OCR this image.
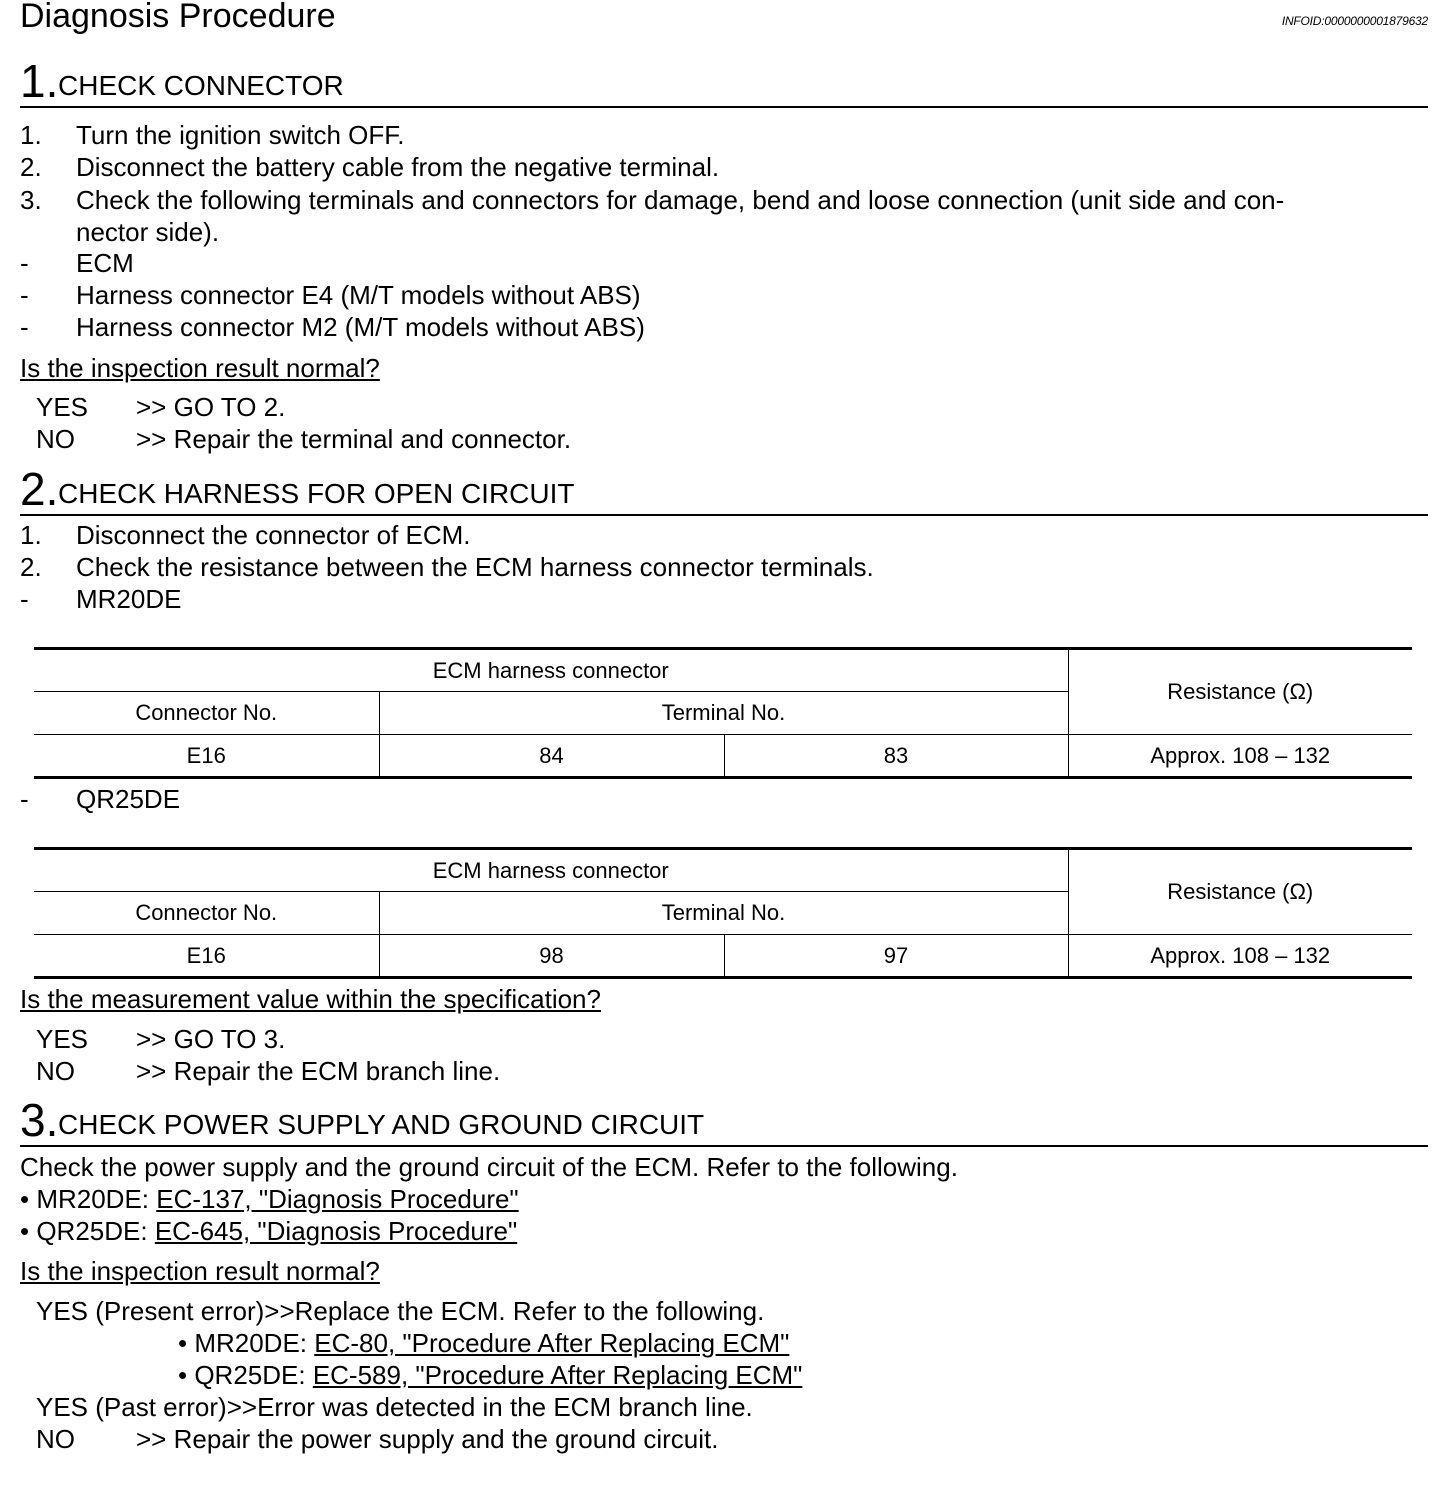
Diagnosis Procedure	INFOID:0000000001879632
1. CHECK CONNECTOR
1. Turn the ignition switch OFF.
2. Disconnect the battery cable from the negative terminal.
3. Check the following terminals and connectors for damage, bend and loose connection (unit side and con-
nector side).
- ECM
- Harness connector E4 (M/T models without ABS)
- Harness connector M2 (M/T models without ABS)
Is the inspection result normal?
YES >> GO TO 2.
NO >> Repair the terminal and connector.
2. CHECK HARNESS FOR OPEN CIRCUIT
1. Disconnect the connector of ECM.
2. Check the resistance between the ECM harness connector terminals.
- MR20DE
ECM harness connector			Resistance (Ω)
Connector No.	Terminal No.		
E16	84	83	Approx. 108 – 132
- QR25DE
ECM harness connector			Resistance (Ω)
Connector No.	Terminal No.		
E16	98	97	Approx. 108 – 132
Is the measurement value within the specification?
YES >> GO TO 3.
NO >> Repair the ECM branch line.
3. CHECK POWER SUPPLY AND GROUND CIRCUIT
Check the power supply and the ground circuit of the ECM. Refer to the following.
• MR20DE: EC-137, "Diagnosis Procedure"
• QR25DE: EC-645, "Diagnosis Procedure"
Is the inspection result normal?
YES (Present error)>>Replace the ECM. Refer to the following.
• MR20DE: EC-80, "Procedure After Replacing ECM"
• QR25DE: EC-589, "Procedure After Replacing ECM"
YES (Past error)>>Error was detected in the ECM branch line.
NO >> Repair the power supply and the ground circuit.
